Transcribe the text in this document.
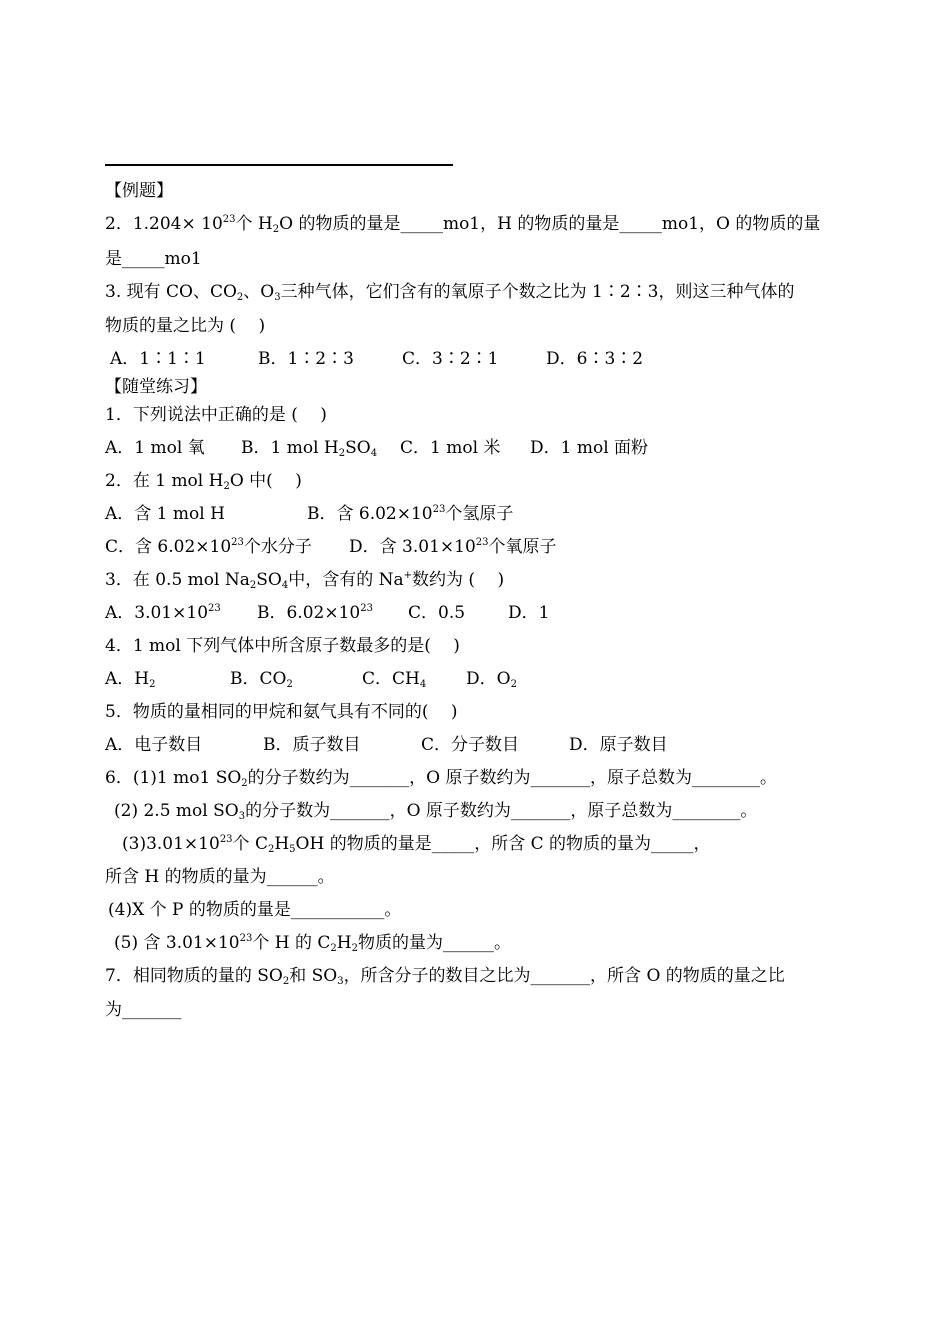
【例题】
2．$1.204\times 10^{23}$个 $H_2O$ 的物质的量是_____mo1，H 的物质的量是_____mo1，O 的物质的量
是_____mo1
3. 现有 CO、$CO_2$、$O_3$三种气体，它们含有的氧原子个数之比为 1∶2∶3，则这三种气体的
物质的量之比为 (　 )
A．1∶1∶1	B．1∶2∶3	C．3∶2∶1	D．6∶3∶2
【随堂练习】
1．下列说法中正确的是 (　 )
A．1 mol 氧 B．1 mol $H_2SO_4$ C．1 mol 米 D．1 mol 面粉
2．在 1 mol $H_2O$ 中(　 )
A．含 1 mol H	B．含 $6.02\times 10^{23}$个氢原子
C．含 $6.02\times 10^{23}$个水分子 D．含 $3.01\times 10^{23}$个氧原子
3．在 0.5 mol $Na_2SO_4$中，含有的 Na+数约为 (　 )
A．$3.01\times 10^{23}$ B．$6.02\times 10^{23}$ C．0.5	D．1
4．1 mol 下列气体中所含原子数最多的是(　 )
A．$H_2$	B．$CO_2$	C．$CH_4$ D．$O_2$
5．物质的量相同的甲烷和氨气具有不同的(　 )
A．电子数目	B．质子数目	C．分子数目	D．原子数目
6．(1)1 mo1 $SO_2$的分子数约为_______，O 原子数约为_______，原子总数为________。
(2) 2.5 mol $SO_3$的分子数为_______，O 原子数约为_______，原子总数为________。
$(3)3.01\times 10^{23}$个 $C_2H_5OH$ 的物质的量是_____，所含 C 的物质的量为_____，
所含 H 的物质的量为______。
(4)X 个 P 的物质的量是___________。
(5) 含 $3.01\times 10^{23}$个 H 的 $C_2H_2$物质的量为______。
7．相同物质的量的 $SO_2$和 $SO_3$，所含分子的数目之比为_______，所含 O 的物质的量之比
为_______
